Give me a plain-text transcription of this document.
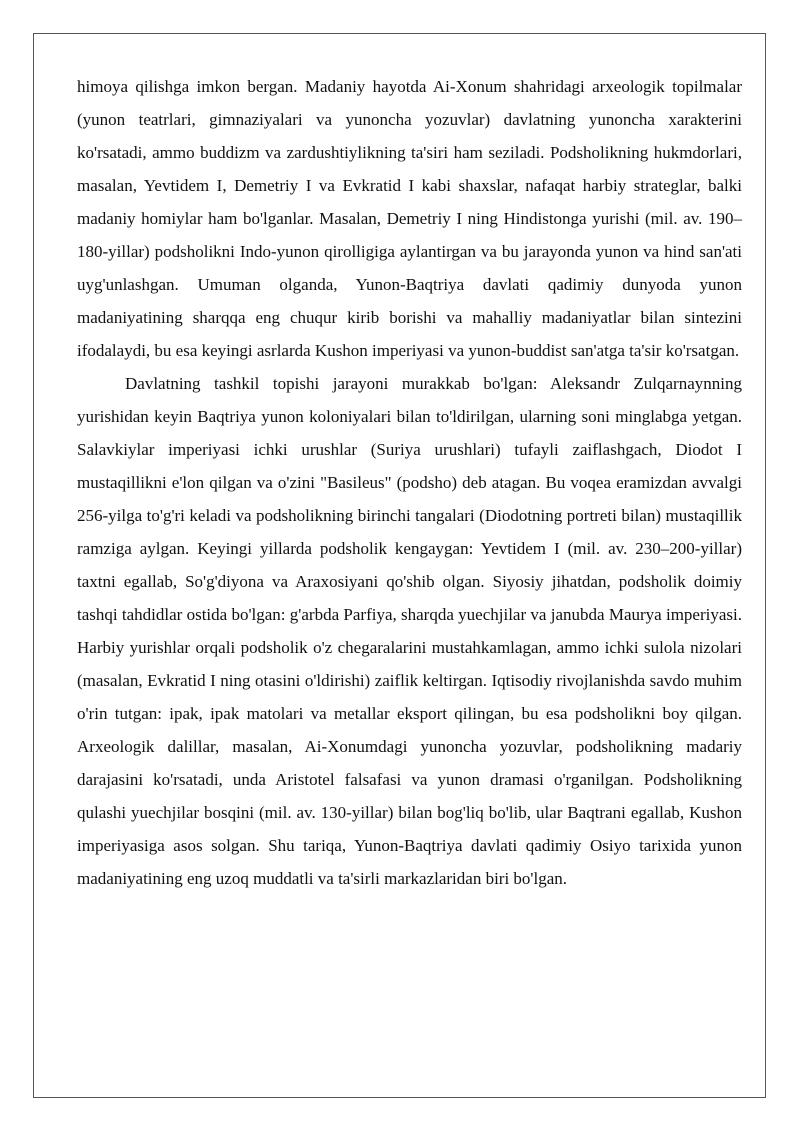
himoya qilishga imkon bergan. Madaniy hayotda Ai-Xonum shahridagi arxeologik topilmalar (yunon teatrlari, gimnaziyalari va yunoncha yozuvlar) davlatning yunoncha xarakterini ko'rsatadi, ammo buddizm va zardushtiylikning ta'siri ham seziladi. Podsholikning hukmdorlari, masalan, Yevtidem I, Demetriy I va Evkratid I kabi shaxslar, nafaqat harbiy strateglar, balki madaniy homiylar ham bo'lganlar. Masalan, Demetriy I ning Hindistonga yurishi (mil. av. 190–180-yillar) podsholikni Indo-yunon qirolligiga aylantirgan va bu jarayonda yunon va hind san'ati uyg'unlashgan. Umuman olganda, Yunon-Baqtriya davlati qadimiy dunyoda yunon madaniyatining sharqqa eng chuqur kirib borishi va mahalliy madaniyatlar bilan sintezini ifodalaydi, bu esa keyingi asrlarda Kushon imperiyasi va yunon-buddist san'atga ta'sir ko'rsatgan.

Davlatning tashkil topishi jarayoni murakkab bo'lgan: Aleksandr Zulqarnaynning yurishidan keyin Baqtriya yunon koloniyalari bilan to'ldirilgan, ularning soni minglabga yetgan. Salavkiylar imperiyasi ichki urushlar (Suriya urushlari) tufayli zaiflashgach, Diodot I mustaqillikni e'lon qilgan va o'zini "Basileus" (podsho) deb atagan. Bu voqea eramizdan avvalgi 256-yilga to'g'ri keladi va podsholikning birinchi tangalari (Diodotning portreti bilan) mustaqillik ramziga aylgan. Keyingi yillarda podsholik kengaygan: Yevtidem I (mil. av. 230–200-yillar) taxtni egallab, So'g'diyona va Araxosiyani qo'shib olgan. Siyosiy jihatdan, podsholik doimiy tashqi tahdidlar ostida bo'lgan: g'arbda Parfiya, sharqda yuechjilar va janubda Maurya imperiyasi. Harbiy yurishlar orqali podsholik o'z chegaralarini mustahkamlagan, ammo ichki sulola nizolari (masalan, Evkratid I ning otasini o'ldirishi) zaiflik keltirgan. Iqtisodiy rivojlanishda savdo muhim o'rin tutgan: ipak, ipak matolari va metallar eksport qilingan, bu esa podsholikni boy qilgan. Arxeologik dalillar, masalan, Ai-Xonumdagi yunoncha yozuvlar, podsholikning madariy darajasini ko'rsatadi, unda Aristotel falsafasi va yunon dramasi o'rganilgan. Podsholikning qulashi yuechjilar bosqini (mil. av. 130-yillar) bilan bog'liq bo'lib, ular Baqtrani egallab, Kushon imperiyasiga asos solgan. Shu tariqa, Yunon-Baqtriya davlati qadimiy Osiyo tarixida yunon madaniyatining eng uzoq muddatli va ta'sirli markazlaridan biri bo'lgan.
